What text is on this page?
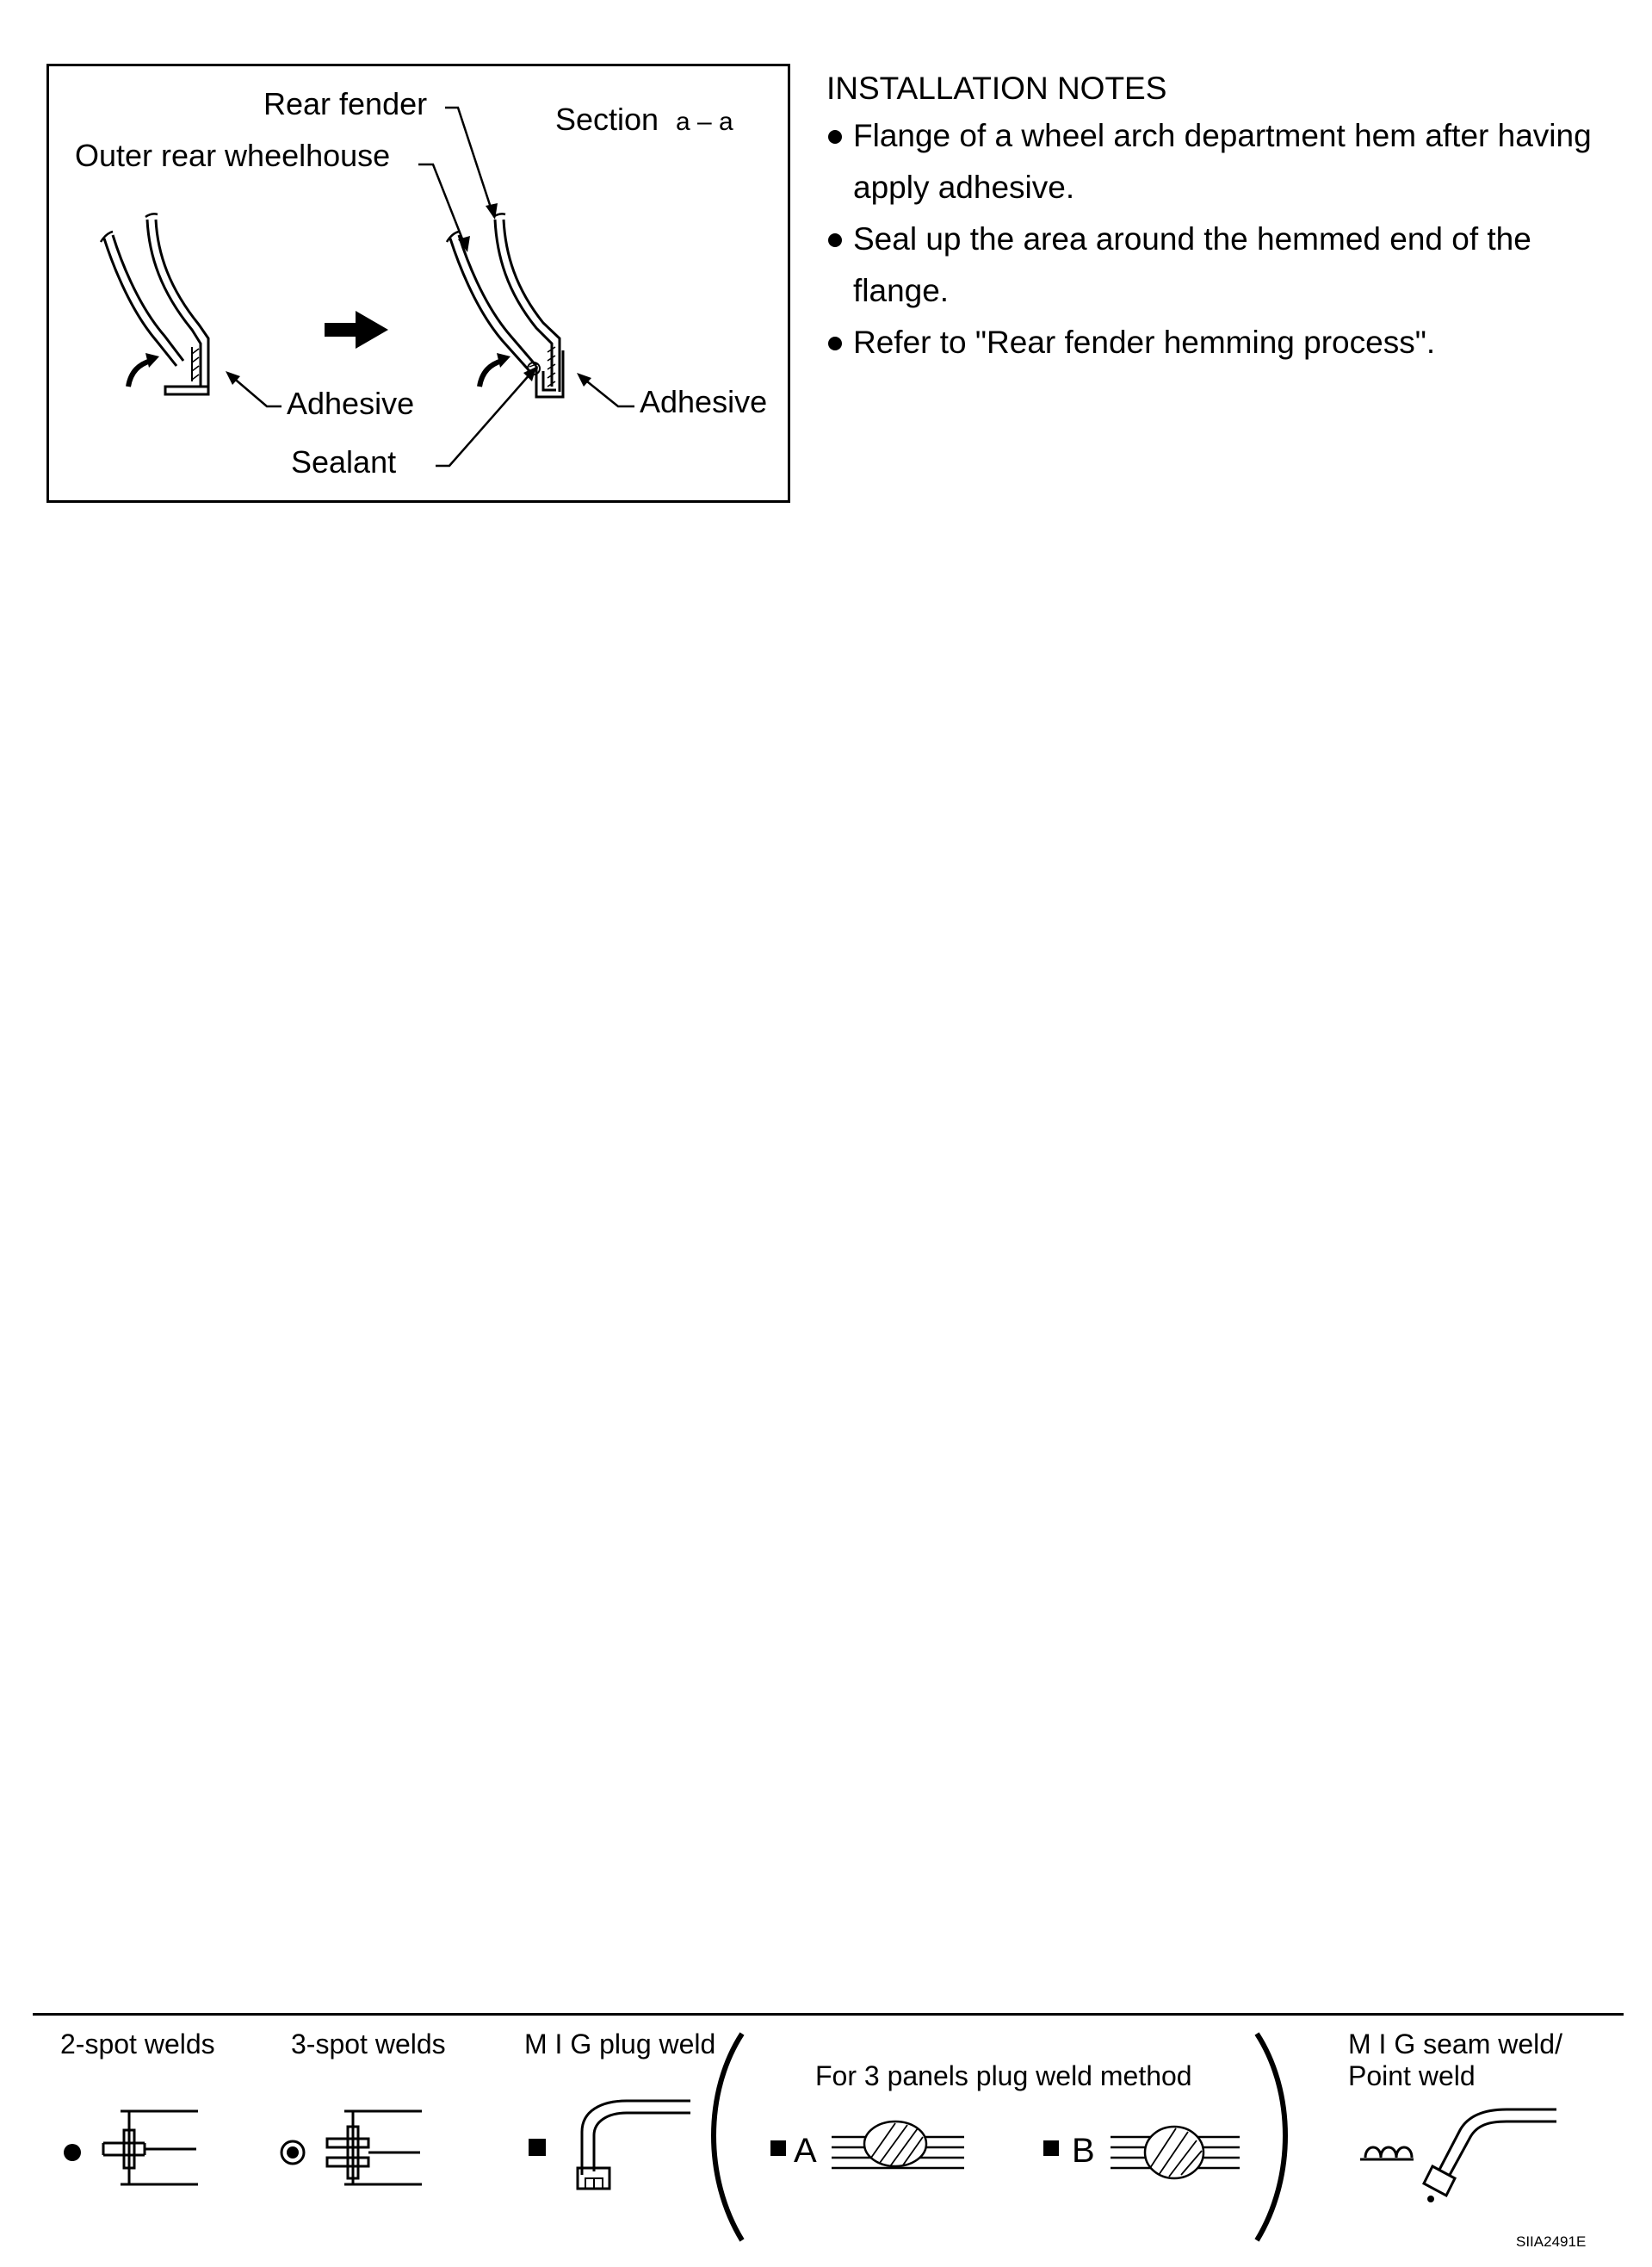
Rear fender	Section a – a
Outer rear wheelhouse
Adhesive	Adhesive
Sealant
INSTALLATION NOTES
Flange of a wheel arch department hem after having
apply adhesive.
Seal up the area around the hemmed end of the
flange.
Refer to "Rear fender hemming process".
2-spot welds	3-spot welds	M I G plug weld
For 3 panels plug weld method
M I G seam weld/
Point weld
A	B
SIIA2491E
